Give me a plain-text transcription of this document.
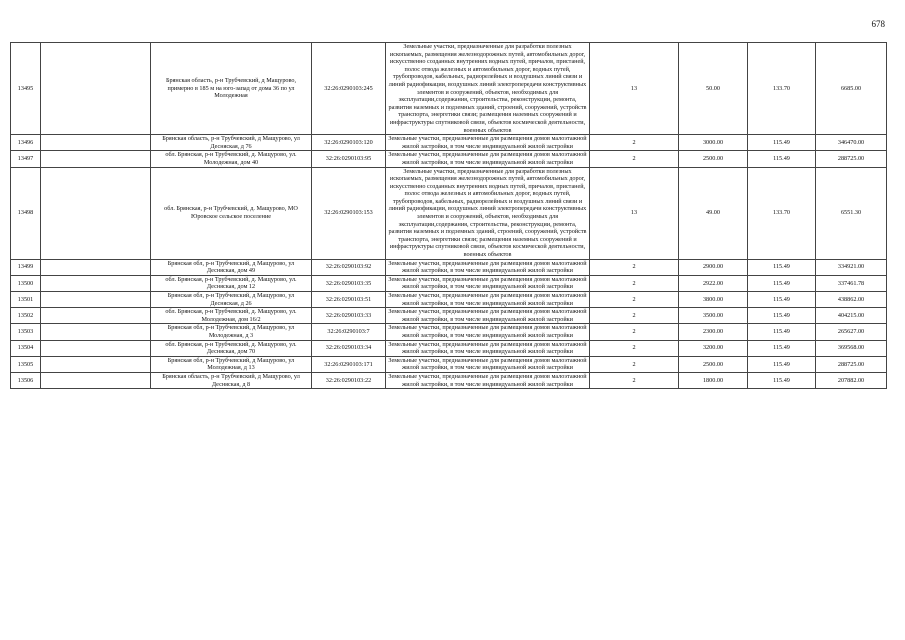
678
13495		Брянская область, р-н Трубчевский, д Мащурово, примерно в 185 м на юго-запад от дома 36 по ул Молодежная	32:26:0290103:245	Земельные участки, предназначенные для разработки полезных ископаемых, размещения железнодорожных путей, автомобильных дорог, искусственно созданных внутренних водных путей, причалов, пристаней, полос отвода железных и автомобильных дорог, водных путей, трубопроводов, кабельных, радиорелейных и воздушных линий связи и линий радиофикации, воздушных линий электропередачи конструктивных элементов и сооружений, объектов, необходимых для эксплуатации,содержания, строительства, реконструкции, ремонта, развития наземных и подземных зданий, строений, сооружений, устройств транспорта, энергетики связи; размещения наземных сооружений и инфраструктуры спутниковой связи, объектов космической деятельности, военных объектов	13	50.00	133.70	6685.00
13496		Брянская область, р-н Трубчевский, д Мащурово, ул Десняская, д 76	32:26:0290103:120	Земельные участки, предназначенные для размещения домов малоэтажной жилой застройки, в том числе индивидуальной жилой застройки	2	3000.00	115.49	346470.00
13497		обл. Брянская, р-н Трубчевский, д. Мащурово, ул. Молодежная, дом 40	32:26:0290103:95	Земельные участки, предназначенные для размещения домов малоэтажной жилой застройки, в том числе индивидуальной жилой застройки	2	2500.00	115.49	288725.00
13498		обл. Брянская, р-н Трубчевский, д. Мащурово, МО Юровское сельское поселение	32:26:0290103:153	Земельные участки, предназначенные для разработки полезных ископаемых, размещения железнодорожных путей, автомобильных дорог, искусственно созданных внутренних водных путей, причалов, пристаней, полос отвода железных и автомобильных дорог, водных путей, трубопроводов, кабельных, радиорелейных и воздушных линий связи и линий радиофикации, воздушных линий электропередачи конструктивных элементов и сооружений, объектов, необходимых для эксплуатации,содержания, строительства, реконструкции, ремонта, развития наземных и подземных зданий, строений, сооружений, устройств транспорта, энергетики связи; размещения наземных сооружений и инфраструктуры спутниковой связи, объектов космической деятельности, военных объектов	13	49.00	133.70	6551.30
13499		Брянская обл, р-н Трубчевский, д Мащурово, ул Десняская, дом 49	32:26:0290103:92	Земельные участки, предназначенные для размещения домов малоэтажной жилой застройки, в том числе индивидуальной жилой застройки	2	2900.00	115.49	334921.00
13500		обл. Брянская, р-н Трубчевский, д. Мащурово, ул. Десняская, дом 12	32:26:0290103:35	Земельные участки, предназначенные для размещения домов малоэтажной жилой застройки, в том числе индивидуальной жилой застройки	2	2922.00	115.49	337461.78
13501		Брянская обл, р-н Трубчевский, д Мащурово, ул Десняская, д 26	32:26:0290103:51	Земельные участки, предназначенные для размещения домов малоэтажной жилой застройки, в том числе индивидуальной жилой застройки	2	3800.00	115.49	438862.00
13502		обл. Брянская, р-н Трубчевский, д. Мащурово, ул. Молодежная, дом 16/2	32:26:0290103:33	Земельные участки, предназначенные для размещения домов малоэтажной жилой застройки, в том числе индивидуальной жилой застройки	2	3500.00	115.49	404215.00
13503		Брянская обл, р-н Трубчевский, д Мащурово, ул Молодежная, д 3	32:26:0290103:7	Земельные участки, предназначенные для размещения домов малоэтажной жилой застройки, в том числе индивидуальной жилой застройки	2	2300.00	115.49	265627.00
13504		обл. Брянская, р-н Трубчевский, д. Мащурово, ул. Десняская, дом 70	32:26:0290103:34	Земельные участки, предназначенные для размещения домов малоэтажной жилой застройки, в том числе индивидуальной жилой застройки	2	3200.00	115.49	369568.00
13505		Брянская обл, р-н Трубчевский, д Мащурово, ул Молодежная, д 13	32:26:0290103:171	Земельные участки, предназначенные для размещения домов малоэтажной жилой застройки, в том числе индивидуальной жилой застройки	2	2500.00	115.49	288725.00
13506		Брянская область, р-н Трубчевский, д Мащурово, ул Десняская, д 8	32:26:0290103:22	Земельные участки, предназначенные для размещения домов малоэтажной жилой застройки, в том числе индивидуальной жилой застройки	2	1800.00	115.49	207882.00
